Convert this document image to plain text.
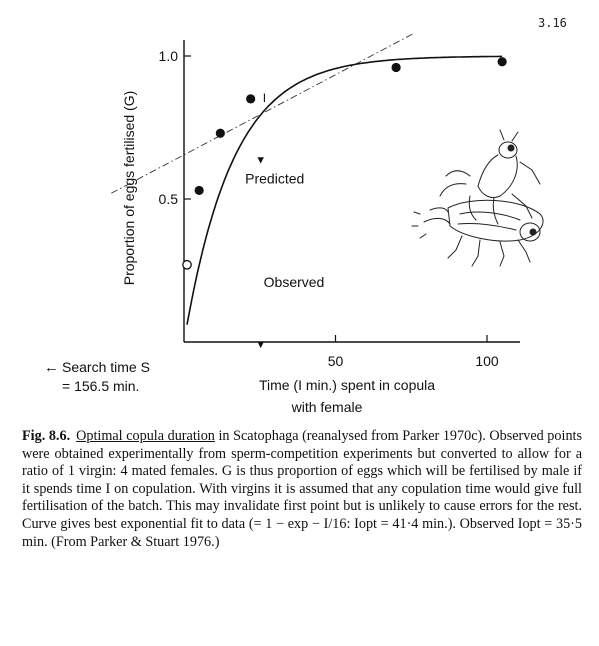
3.16
Proportion of eggs fertilised (G)
Time (I min.) spent in copula
with female
50	100
0.5
1.0
I
▼
Predicted
Observed
▼
← Search time S
= 156.5 min.
Fig. 8.6. Optimal copula duration in Scatophaga (reanalysed from Parker 1970c). Observed points were obtained experimentally from sperm-competition experiments but converted to allow for a ratio of 1 virgin: 4 mated females. G is thus proportion of eggs which will be fertilised by male if it spends time I on copulation. With virgins it is assumed that any copulation time would give full fertilisation of the batch. This may invalidate first point but is unlikely to cause errors for the rest. Curve gives best exponential fit to data (= 1 − exp − I/16: Iopt = 41·4 min.). Observed Iopt = 35·5 min. (From Parker & Stuart 1976.)
